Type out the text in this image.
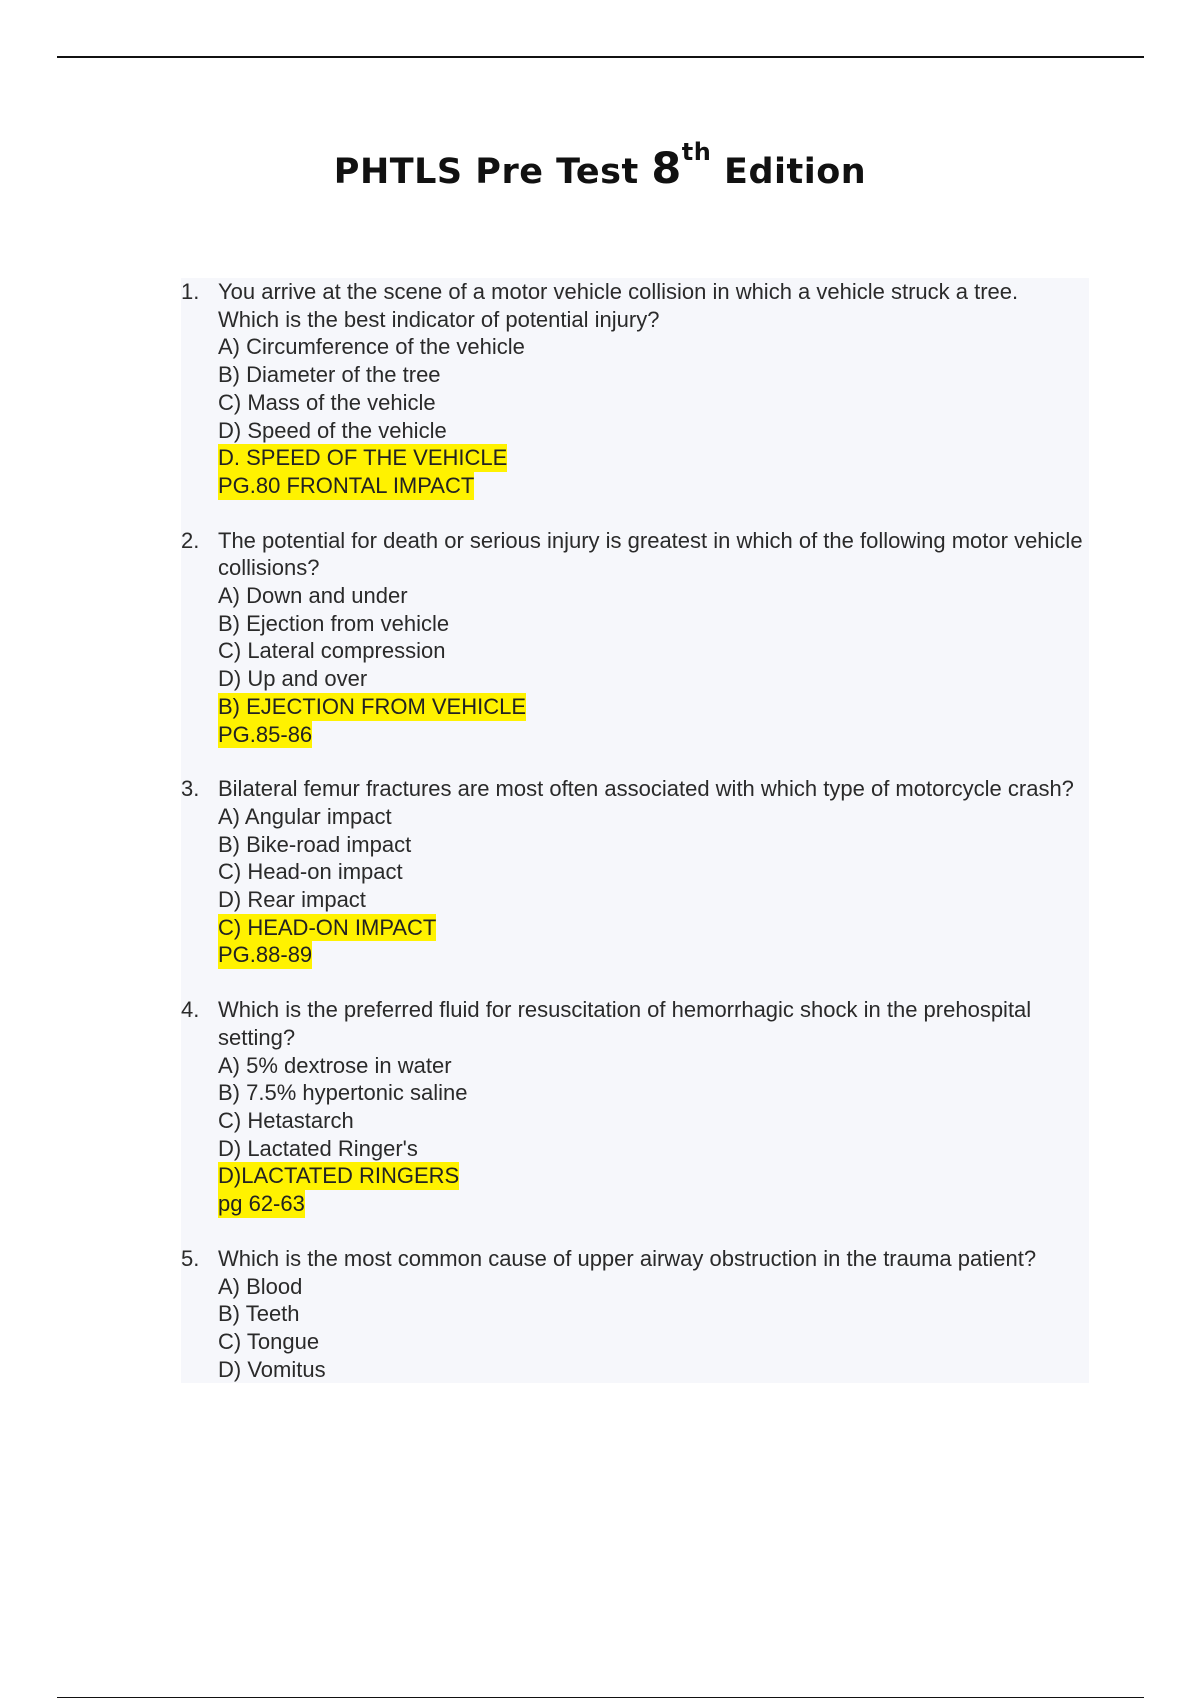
PHTLS Pre Test 8th Edition
1. You arrive at the scene of a motor vehicle collision in which a vehicle struck a tree. Which is the best indicator of potential injury?
A) Circumference of the vehicle
B) Diameter of the tree
C) Mass of the vehicle
D) Speed of the vehicle
D. SPEED OF THE VEHICLE
PG.80 FRONTAL IMPACT
2. The potential for death or serious injury is greatest in which of the following motor vehicle collisions?
A) Down and under
B) Ejection from vehicle
C) Lateral compression
D) Up and over
B) EJECTION FROM VEHICLE
PG.85-86
3. Bilateral femur fractures are most often associated with which type of motorcycle crash?
A) Angular impact
B) Bike-road impact
C) Head-on impact
D) Rear impact
C) HEAD-ON IMPACT
PG.88-89
4. Which is the preferred fluid for resuscitation of hemorrhagic shock in the prehospital setting?
A) 5% dextrose in water
B) 7.5% hypertonic saline
C) Hetastarch
D) Lactated Ringer's
D)LACTATED RINGERS
pg 62-63
5. Which is the most common cause of upper airway obstruction in the trauma patient?
A) Blood
B) Teeth
C) Tongue
D) Vomitus
